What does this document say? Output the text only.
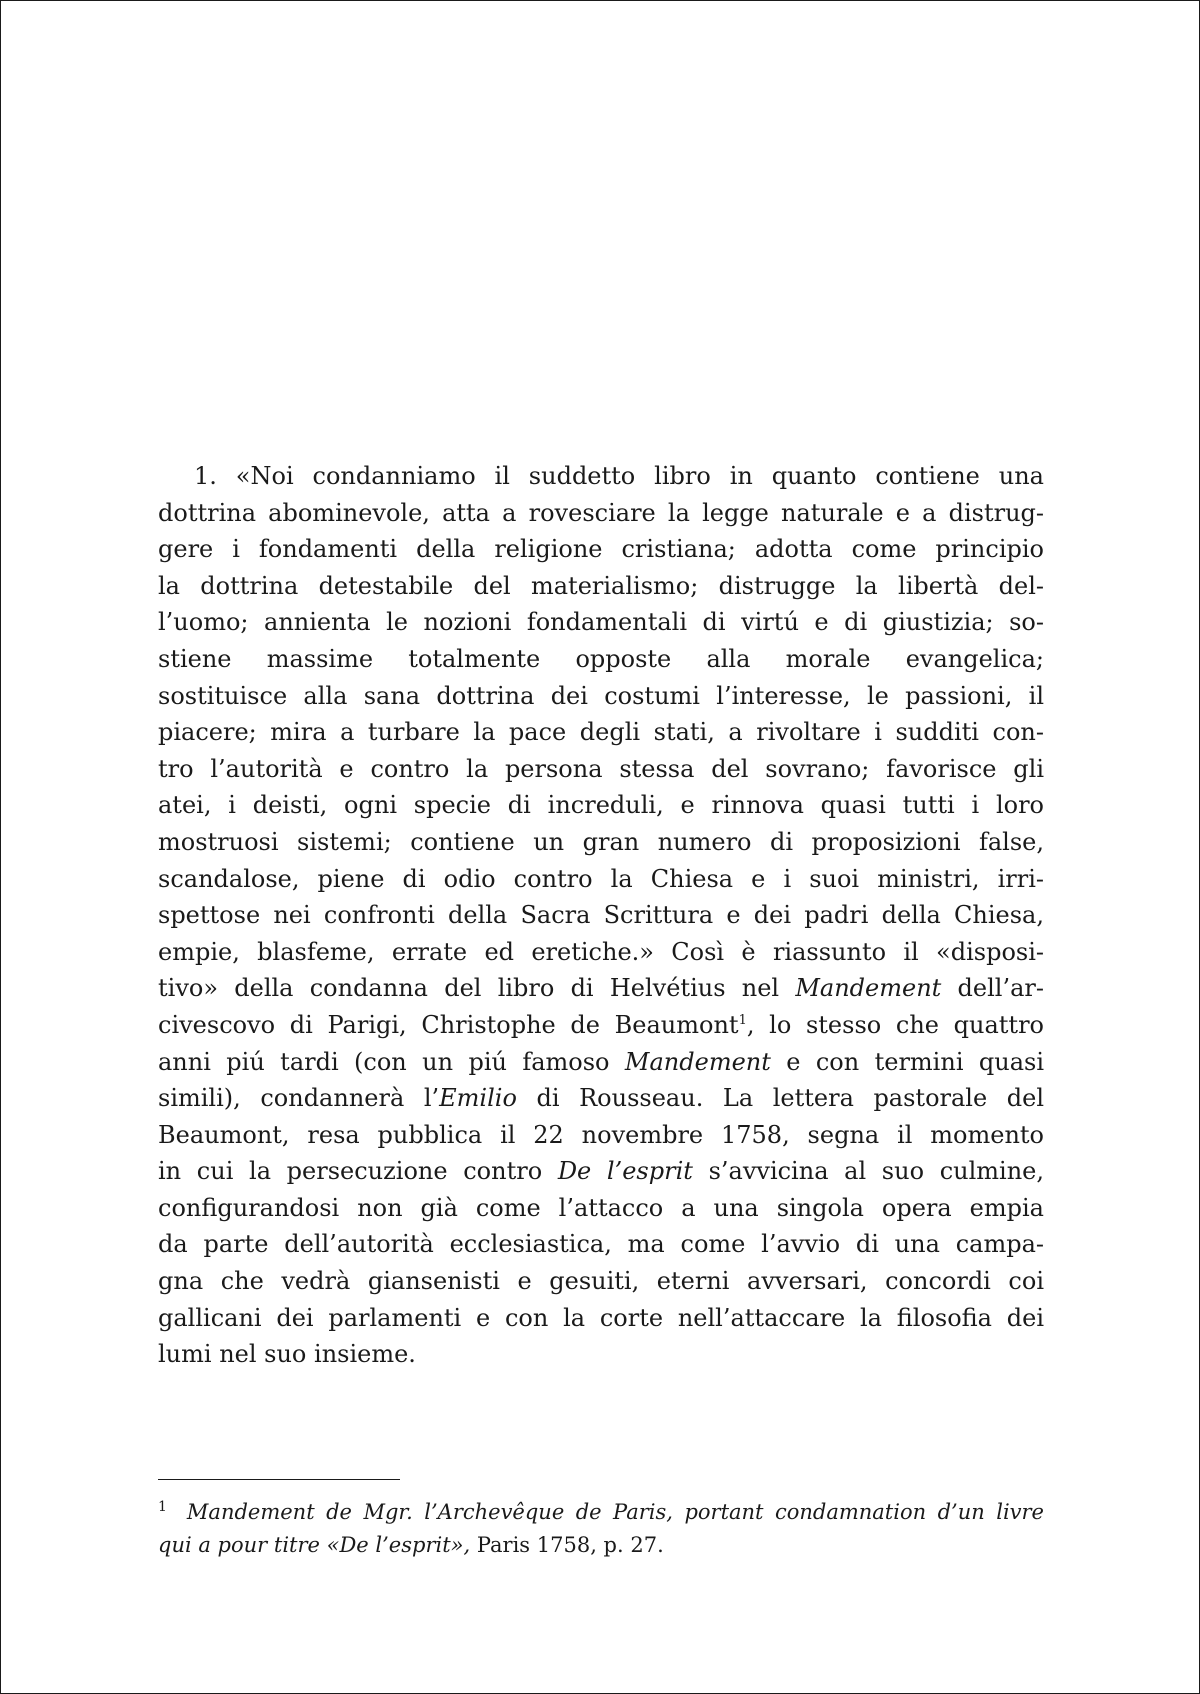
1. «Noi condanniamo il suddetto libro in quanto contiene una
dottrina abominevole, atta a rovesciare la legge naturale e a distrug-
gere i fondamenti della religione cristiana; adotta come principio
la dottrina detestabile del materialismo; distrugge la libertà del-
l’uomo; annienta le nozioni fondamentali di virtú e di giustizia; so-
stiene massime totalmente opposte alla morale evangelica;
sostituisce alla sana dottrina dei costumi l’interesse, le passioni, il
piacere; mira a turbare la pace degli stati, a rivoltare i sudditi con-
tro l’autorità e contro la persona stessa del sovrano; favorisce gli
atei, i deisti, ogni specie di increduli, e rinnova quasi tutti i loro
mostruosi sistemi; contiene un gran numero di proposizioni false,
scandalose, piene di odio contro la Chiesa e i suoi ministri, irri-
spettose nei confronti della Sacra Scrittura e dei padri della Chiesa,
empie, blasfeme, errate ed eretiche.» Così è riassunto il «disposi-
tivo» della condanna del libro di Helvétius nel Mandement dell’ar-
civescovo di Parigi, Christophe de Beaumont$^1$, lo stesso che quattro
anni piú tardi (con un piú famoso Mandement e con termini quasi
simili), condannerà l’Emilio di Rousseau. La lettera pastorale del
Beaumont, resa pubblica il 22 novembre 1758, segna il momento
in cui la persecuzione contro De l’esprit s’avvicina al suo culmine,
configurandosi non già come l’attacco a una singola opera empia
da parte dell’autorità ecclesiastica, ma come l’avvio di una campa-
gna che vedrà giansenisti e gesuiti, eterni avversari, concordi coi
gallicani dei parlamenti e con la corte nell’attaccare la filosofia dei
lumi nel suo insieme.
$^1$ Mandement de Mgr. l’Archevêque de Paris, portant condamnation d’un livre
qui a pour titre «De l’esprit», Paris 1758, p. 27.
